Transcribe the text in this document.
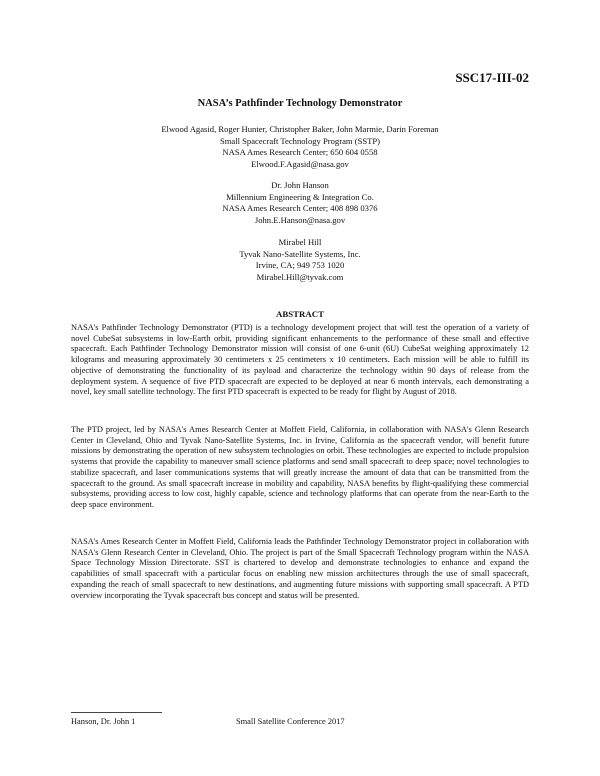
SSC17-III-02
NASA’s Pathfinder Technology Demonstrator
Elwood Agasid, Roger Hunter, Christopher Baker, John Marmie, Darin Foreman
Small Spacecraft Technology Program (SSTP)
NASA Ames Research Center; 650 604 0558
Elwood.F.Agasid@nasa.gov
Dr. John Hanson
Millennium Engineering & Integration Co.
NASA Ames Research Center; 408 898 0376
John.E.Hanson@nasa.gov
Mirabel Hill
Tyvak Nano-Satellite Systems, Inc.
Irvine, CA; 949 753 1020
Mirabel.Hill@tyvak.com
ABSTRACT

NASA's Pathfinder Technology Demonstrator (PTD) is a technology development project that will test the operation of a variety of novel CubeSat subsystems in low-Earth orbit, providing significant enhancements to the performance of these small and effective spacecraft. Each Pathfinder Technology Demonstrator mission will consist of one 6-unit (6U) CubeSat weighing approximately 12 kilograms and measuring approximately 30 centimeters x 25 centimeters x 10 centimeters. Each mission will be able to fulfill its objective of demonstrating the functionality of its payload and characterize the technology within 90 days of release from the deployment system. A sequence of five PTD spacecraft are expected to be deployed at near 6 month intervals, each demonstrating a novel, key small satellite technology. The first PTD spacecraft is expected to be ready for flight by August of 2018.

The PTD project, led by NASA's Ames Research Center at Moffett Field, California, in collaboration with NASA's Glenn Research Center in Cleveland, Ohio and Tyvak Nano-Satellite Systems, Inc. in Irvine, California as the spacecraft vendor, will benefit future missions by demonstrating the operation of new subsystem technologies on orbit. These technologies are expected to include propulsion systems that provide the capability to maneuver small science platforms and send small spacecraft to deep space; novel technologies to stabilize spacecraft, and laser communications systems that will greatly increase the amount of data that can be transmitted from the spacecraft to the ground. As small spacecraft increase in mobility and capability, NASA benefits by flight-qualifying these commercial subsystems, providing access to low cost, highly capable, science and technology platforms that can operate from the near-Earth to the deep space environment.

NASA's Ames Research Center in Moffett Field, California leads the Pathfinder Technology Demonstrator project in collaboration with NASA's Glenn Research Center in Cleveland, Ohio. The project is part of the Small Spacecraft Technology program within the NASA Space Technology Mission Directorate. SST is chartered to develop and demonstrate technologies to enhance and expand the capabilities of small spacecraft with a particular focus on enabling new mission architectures through the use of small spacecraft, expanding the reach of small spacecraft to new destinations, and augmenting future missions with supporting small spacecraft. A PTD overview incorporating the Tyvak spacecraft bus concept and status will be presented.

Hanson, Dr. John 1	Small Satellite Conference 2017
